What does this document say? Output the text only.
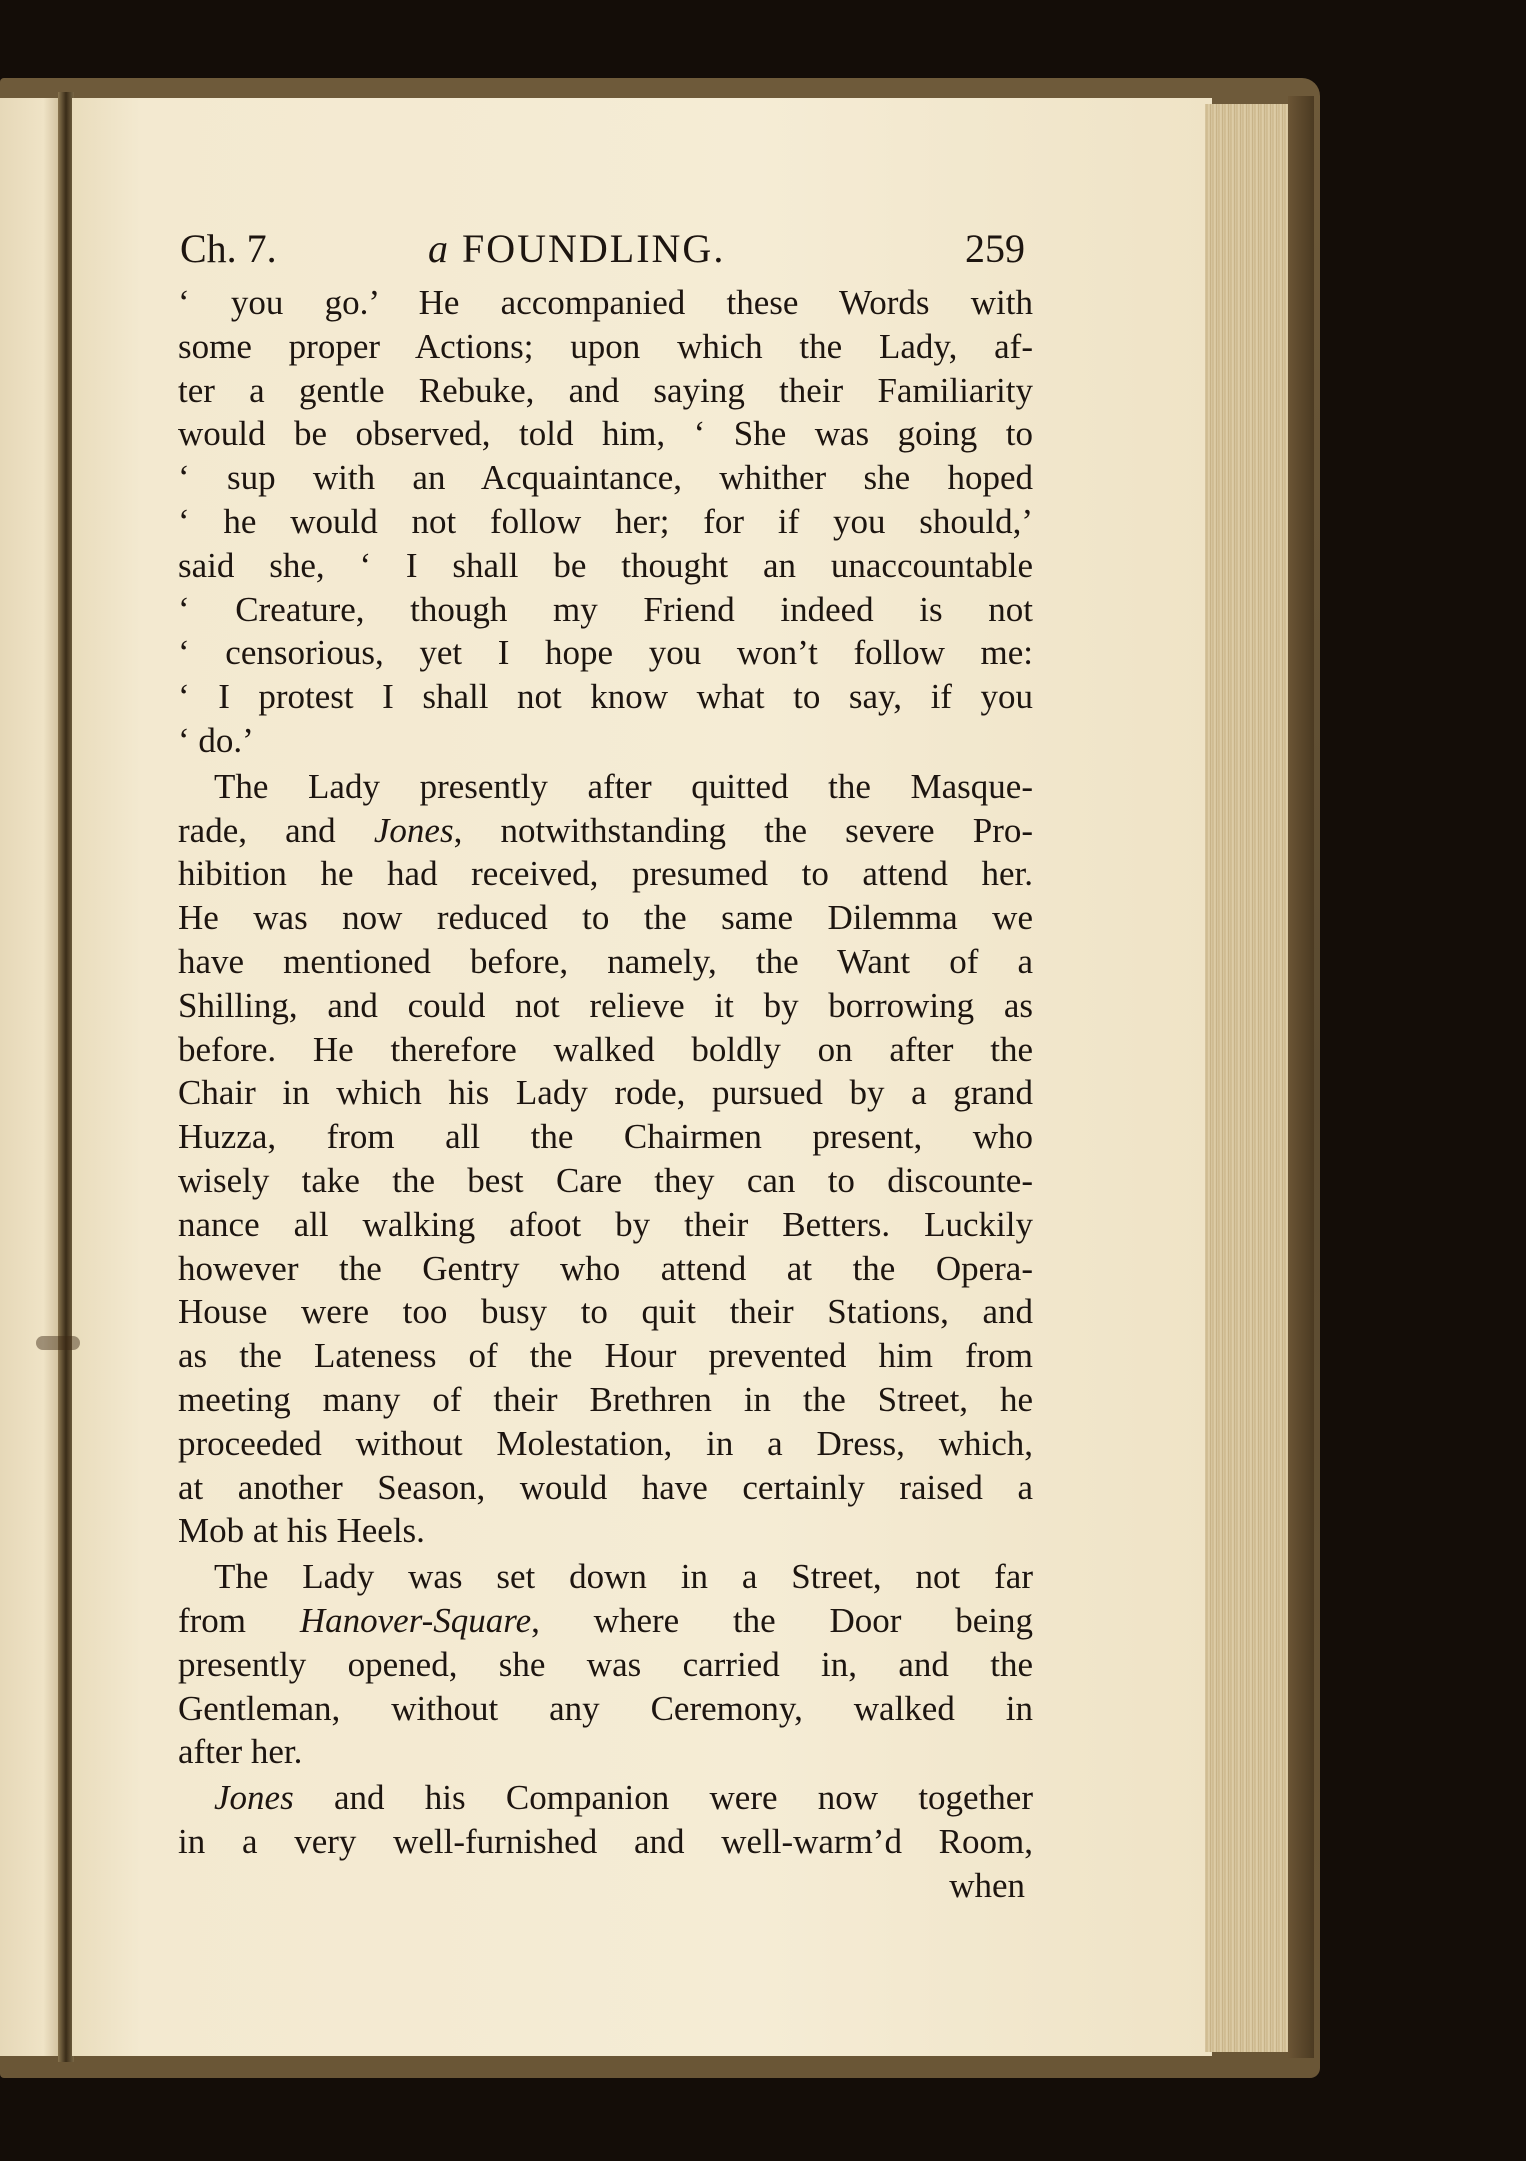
Ch. 7.	a FOUNDLING.	259
‘ you go.’ He accompanied these Words with
some proper Actions; upon which the Lady, af-
ter a gentle Rebuke, and saying their Familiarity
would be observed, told him, ‘ She was going to
‘ sup with an Acquaintance, whither she hoped
‘ he would not follow her; for if you should,’
said she, ‘ I shall be thought an unaccountable
‘ Creature, though my Friend indeed is not
‘ censorious, yet I hope you won’t follow me:
‘ I protest I shall not know what to say, if you
‘ do.’
The Lady presently after quitted the Masque-
rade, and Jones, notwithstanding the severe Pro-
hibition he had received, presumed to attend her.
He was now reduced to the same Dilemma we
have mentioned before, namely, the Want of a
Shilling, and could not relieve it by borrowing as
before. He therefore walked boldly on after the
Chair in which his Lady rode, pursued by a grand
Huzza, from all the Chairmen present, who
wisely take the best Care they can to discounte-
nance all walking afoot by their Betters. Luckily
however the Gentry who attend at the Opera-
House were too busy to quit their Stations, and
as the Lateness of the Hour prevented him from
meeting many of their Brethren in the Street, he
proceeded without Molestation, in a Dress, which,
at another Season, would have certainly raised a
Mob at his Heels.
The Lady was set down in a Street, not far
from Hanover-Square, where the Door being
presently opened, she was carried in, and the
Gentleman, without any Ceremony, walked in
after her.
Jones and his Companion were now together
in a very well-furnished and well-warm’d Room,
when
